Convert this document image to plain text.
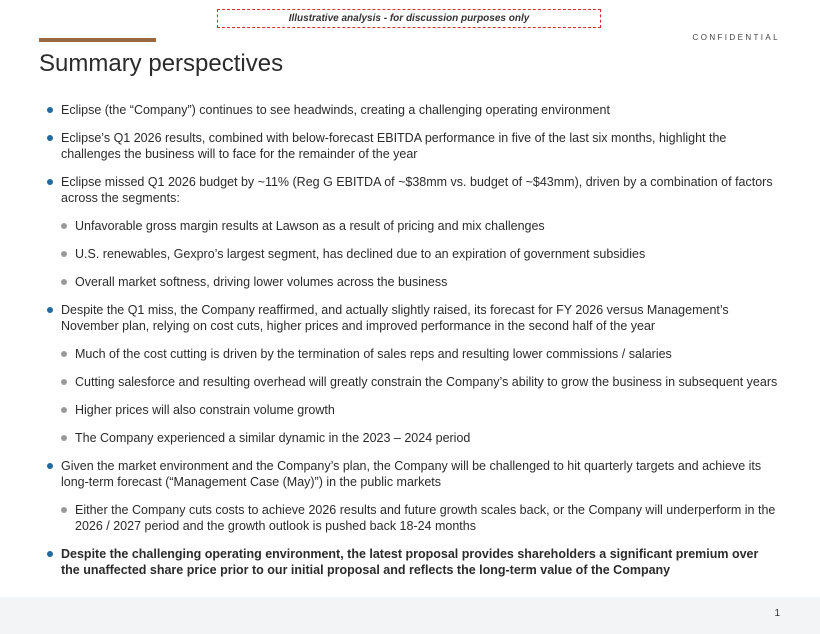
Illustrative analysis - for discussion purposes only
CONFIDENTIAL
Summary perspectives
Eclipse (the “Company”) continues to see headwinds, creating a challenging operating environment
Eclipse’s Q1 2026 results, combined with below-forecast EBITDA performance in five of the last six months, highlight the challenges the business will to face for the remainder of the year
Eclipse missed Q1 2026 budget by ~11% (Reg G EBITDA of ~$38mm vs. budget of ~$43mm), driven by a combination of factors across the segments:
Unfavorable gross margin results at Lawson as a result of pricing and mix challenges
U.S. renewables, Gexpro’s largest segment, has declined due to an expiration of government subsidies
Overall market softness, driving lower volumes across the business
Despite the Q1 miss, the Company reaffirmed, and actually slightly raised, its forecast for FY 2026 versus Management’s November plan, relying on cost cuts, higher prices and improved performance in the second half of the year
Much of the cost cutting is driven by the termination of sales reps and resulting lower commissions / salaries
Cutting salesforce and resulting overhead will greatly constrain the Company’s ability to grow the business in subsequent years
Higher prices will also constrain volume growth
The Company experienced a similar dynamic in the 2023 – 2024 period
Given the market environment and the Company’s plan, the Company will be challenged to hit quarterly targets and achieve its long-term forecast (“Management Case (May)”) in the public markets
Either the Company cuts costs to achieve 2026 results and future growth scales back, or the Company will underperform in the 2026 / 2027 period and the growth outlook is pushed back 18-24 months
Despite the challenging operating environment, the latest proposal provides shareholders a significant premium over the unaffected share price prior to our initial proposal and reflects the long-term value of the Company
1
